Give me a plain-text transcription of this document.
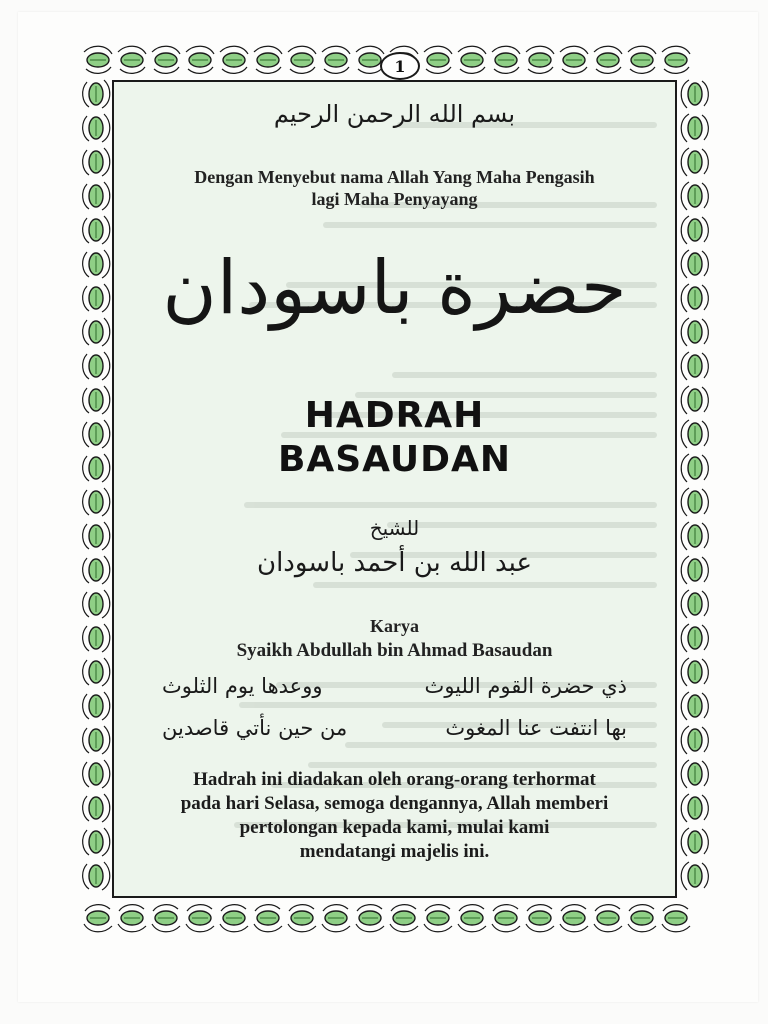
1
بسم الله الرحمن الرحيم
Dengan Menyebut nama Allah Yang Maha Pengasih
lagi Maha Penyayang
حضرة باسودان
HADRAH
BASAUDAN
للشيخ
عبد الله بن أحمد باسودان
Karya
Syaikh Abdullah bin Ahmad Basaudan
ذي حضرة القوم الليوث
ووعدها يوم الثلوث
بها انتفت عنا المغوث
من حين نأتي قاصدين
Hadrah ini diadakan oleh orang-orang terhormat
pada hari Selasa, semoga dengannya, Allah memberi
pertolongan kepada kami, mulai kami
mendatangi majelis ini.
